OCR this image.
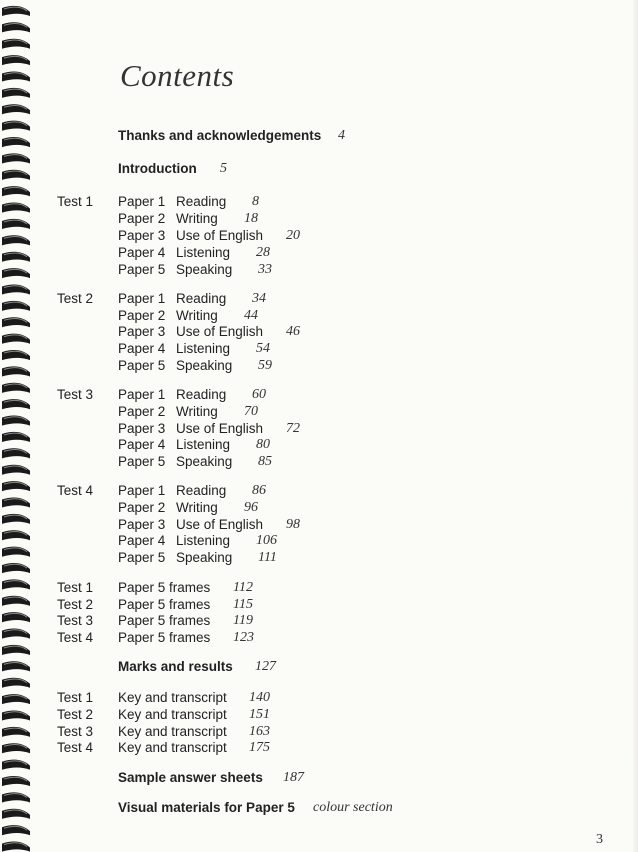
Contents
Thanks and acknowledgements 4
Introduction 5
Test 1 Paper 1 Reading 8
Paper 2 Writing 18
Paper 3 Use of English 20
Paper 4 Listening 28
Paper 5 Speaking 33
Test 2 Paper 1 Reading 34
Paper 2 Writing 44
Paper 3 Use of English 46
Paper 4 Listening 54
Paper 5 Speaking 59
Test 3 Paper 1 Reading 60
Paper 2 Writing 70
Paper 3 Use of English 72
Paper 4 Listening 80
Paper 5 Speaking 85
Test 4 Paper 1 Reading 86
Paper 2 Writing 96
Paper 3 Use of English 98
Paper 4 Listening 106
Paper 5 Speaking 111
Test 1 Paper 5 frames 112
Test 2 Paper 5 frames 115
Test 3 Paper 5 frames 119
Test 4 Paper 5 frames 123
Marks and results 127
Test 1 Key and transcript 140
Test 2 Key and transcript 151
Test 3 Key and transcript 163
Test 4 Key and transcript 175
Sample answer sheets 187
Visual materials for Paper 5 colour section
3
